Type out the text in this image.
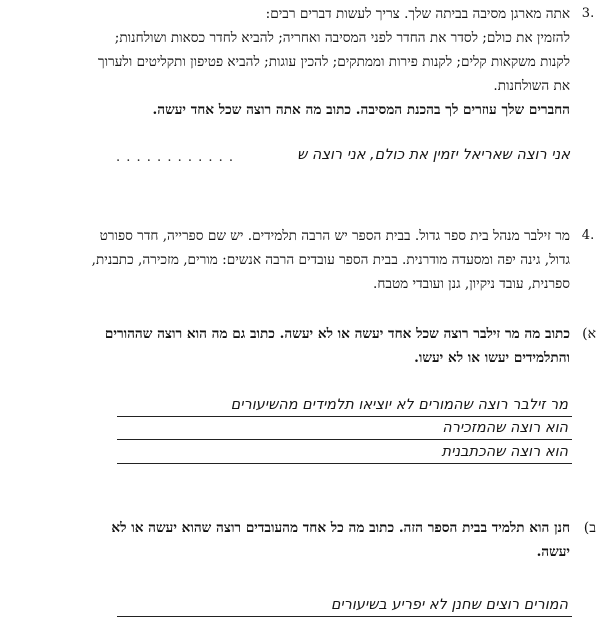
3.
אתה מארגן מסיבה בביתה שלך. צריך לעשות דברים רבים:
להזמין את כולם; לסדר את החדר לפני המסיבה ואחריה; להביא לחדר כסאות ושולחנות;
לקנות משקאות קלים; לקנות פירות וממתקים; להכין עוגות; להביא פטיפון ותקליטים ולערוך
את השולחנות.
החברים שלך עוזרים לך בהכנת המסיבה. כתוב מה אתה רוצה שכל אחד יעשה.
אני רוצה שאריאל יזמין את כולם, אני רוצה ש
. . . . . . . . . . . .
4.
מר זילבר מנהל בית ספר גדול. בבית הספר יש הרבה תלמידים. יש שם ספרייה, חדר ספורט
גדול, גינה יפה ומסעדה מודרנית. בבית הספר עובדים הרבה אנשים: מורים, מזכירה, כתבנית,
ספרנית, עובד ניקיון, גנן ועובדי מטבח.
(א
כתוב מה מר זילבר רוצה שכל אחד יעשה או לא יעשה. כתוב גם מה הוא רוצה שההורים
והתלמידים יעשו או לא יעשו.
מר זילבר רוצה שהמורים לא יוציאו תלמידים מהשיעורים
הוא רוצה שהמזכירה
הוא רוצה שהכתבנית
(ב
חנן הוא תלמיד בבית הספר הזה. כתוב מה כל אחד מהעובדים רוצה שהוא יעשה או לא
יעשה.
המורים רוצים שחנן לא יפריע בשיעורים
